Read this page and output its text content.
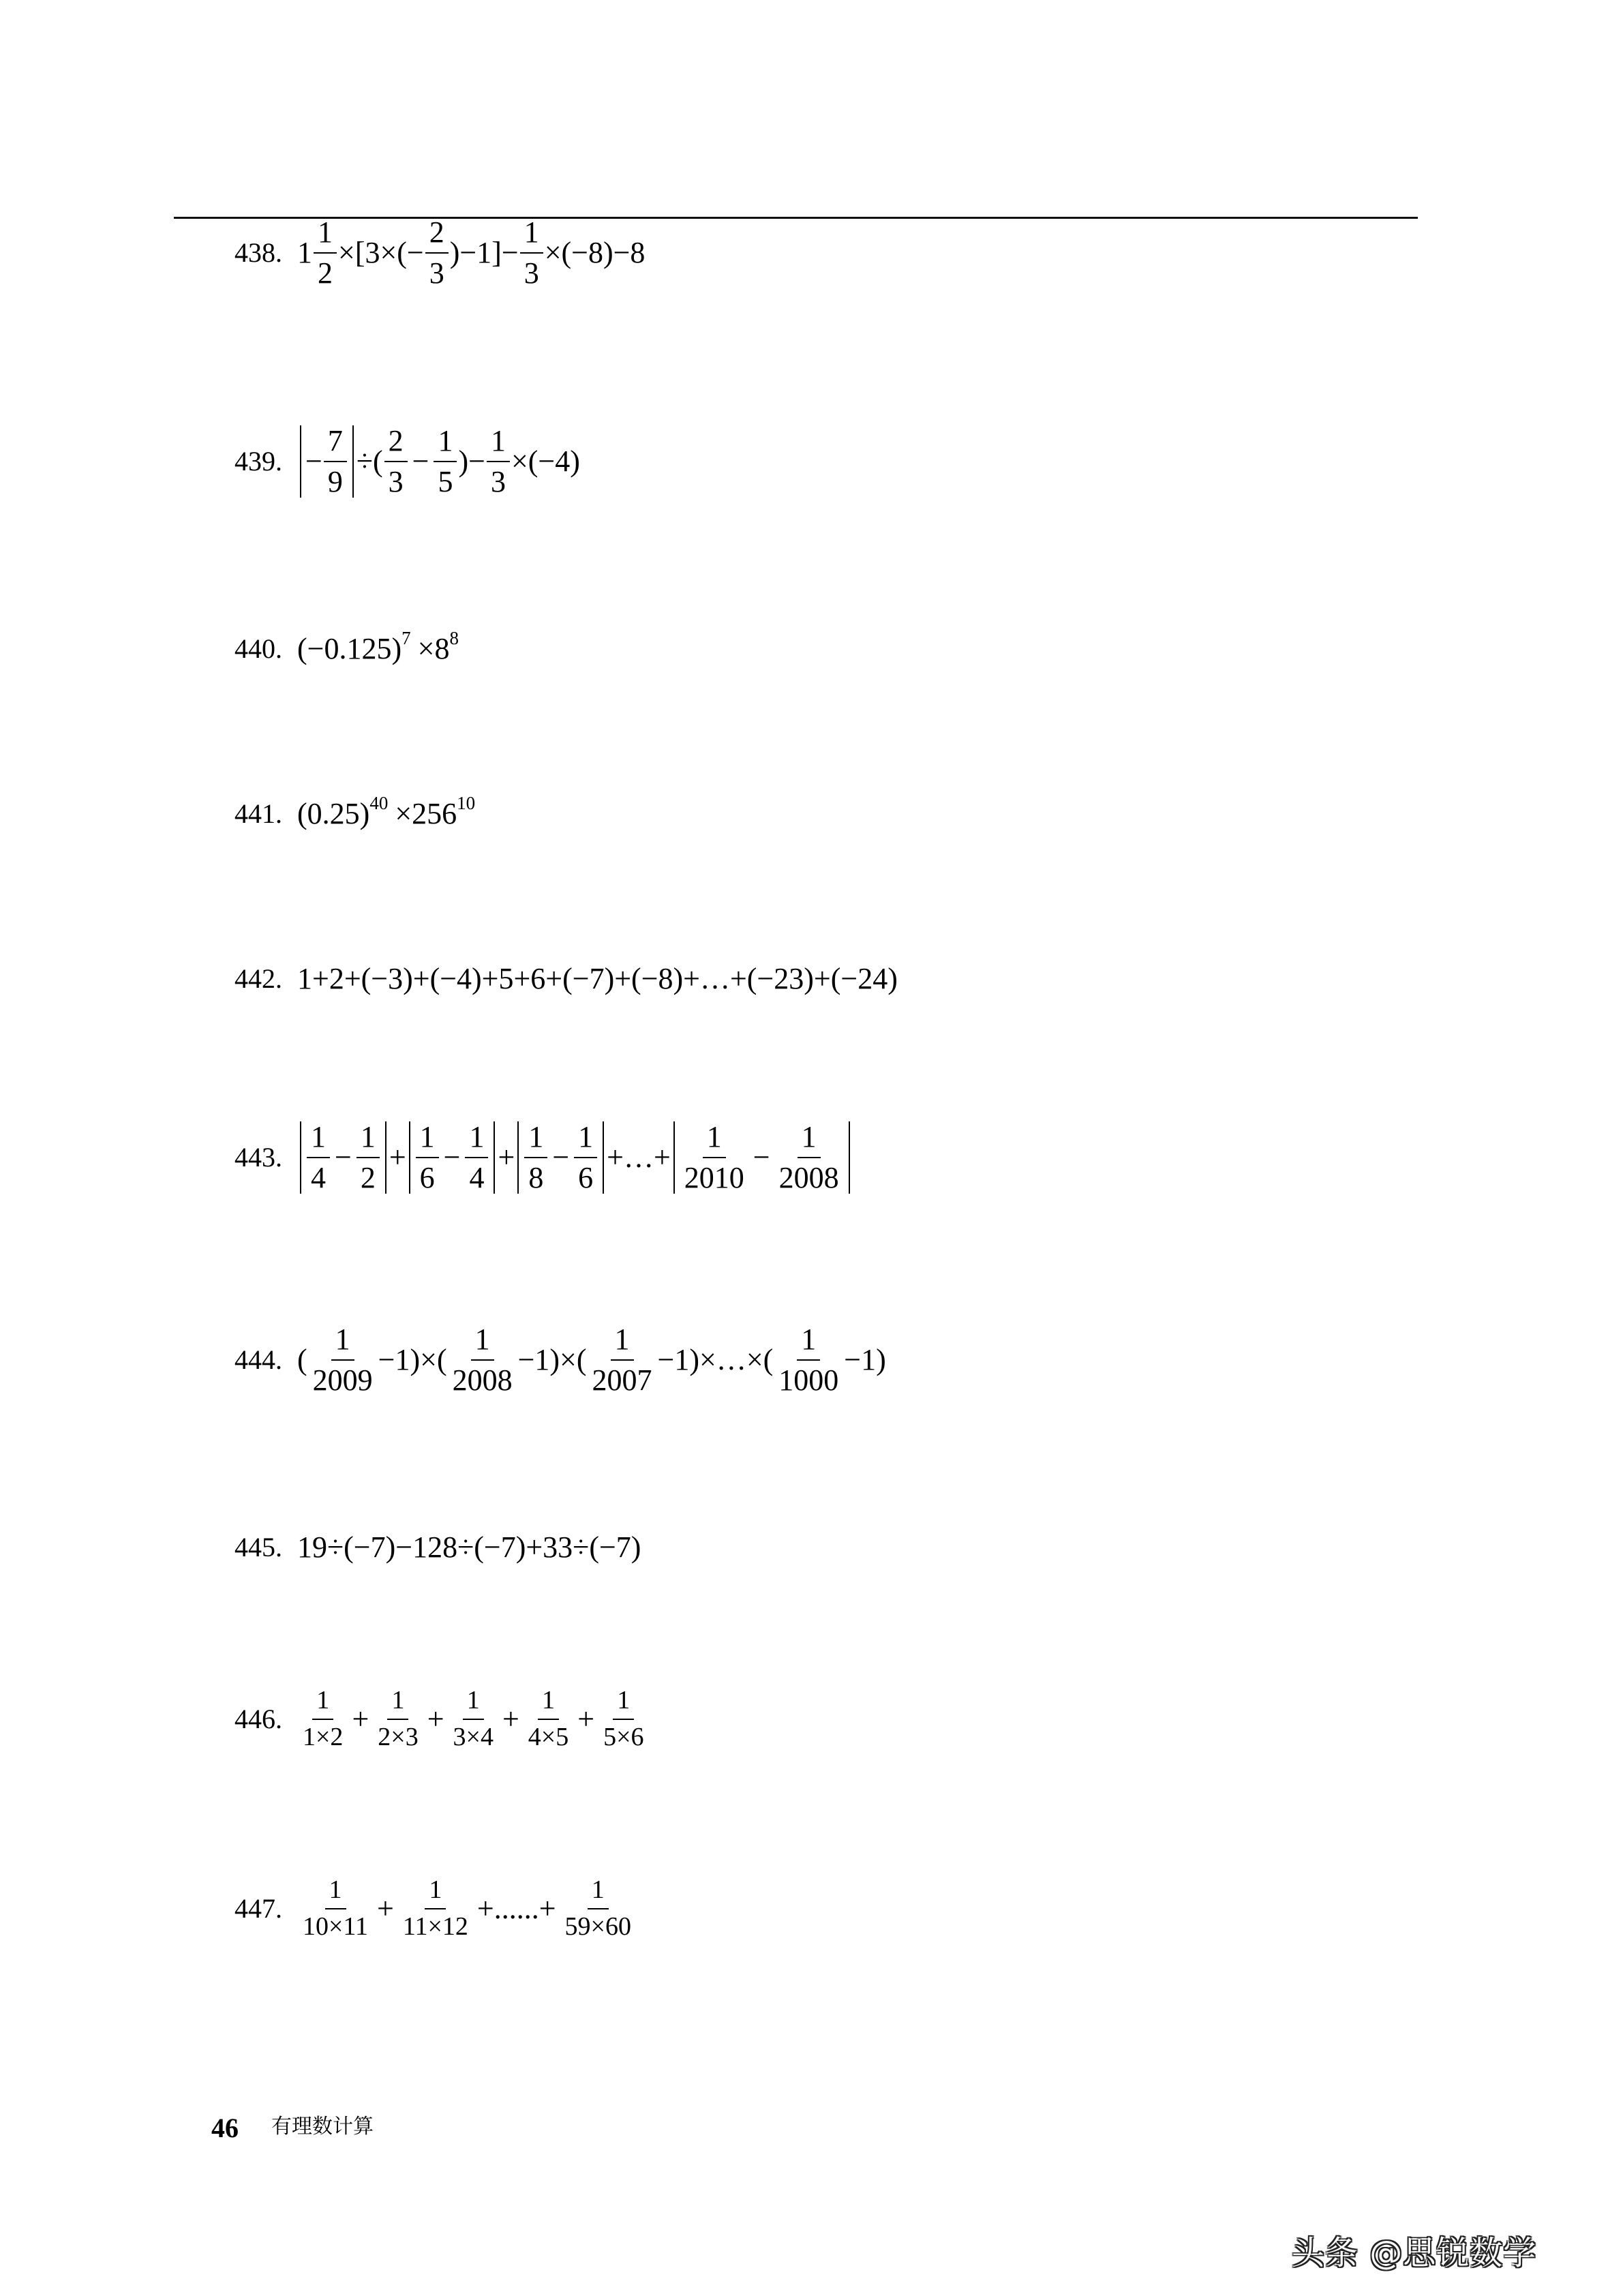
438. $1 \frac{1}{2} \times[3\times(- \frac{2}{3} )-1]- \frac{1}{3} \times(-8)-8$
439. − $\frac{7}{9}$ ÷( $\frac{2}{3} - \frac{1}{5}$ )− $\frac{1}{3} \times(-4)$
440. $(-0.125)^7 \times 8^8$
441. $(0.25)^{40} \times 256^{10}$
442. 1+2+(−3)+(−4)+5+6+(−7)+(−8)+…+(−23)+(−24)
443. $\frac{1}{4} - \frac{1}{2} + \frac{1}{6} - \frac{1}{4} + \frac{1}{8} - \frac{1}{6}$ +…+ $\frac{1}{2010} - \frac{1}{2008}$
444. ( $\frac{1}{2009} -1)\times( \frac{1}{2008} -1)\times( \frac{1}{2007}$ −1)×…×( $\frac{1}{1000} -1$)
445. 19÷(−7)−128÷(−7)+33÷(−7)
446. $\frac{1}{1\times 2} + \frac{1}{2\times 3} + \frac{1}{3\times 4} + \frac{1}{4\times 5} + \frac{1}{5\times 6}$
447. $\frac{1}{10\times 11} + \frac{1}{11\times 12}$ +......+ $\frac{1}{59\times 60}$
46 有理数计算
头条 @思锐数学
